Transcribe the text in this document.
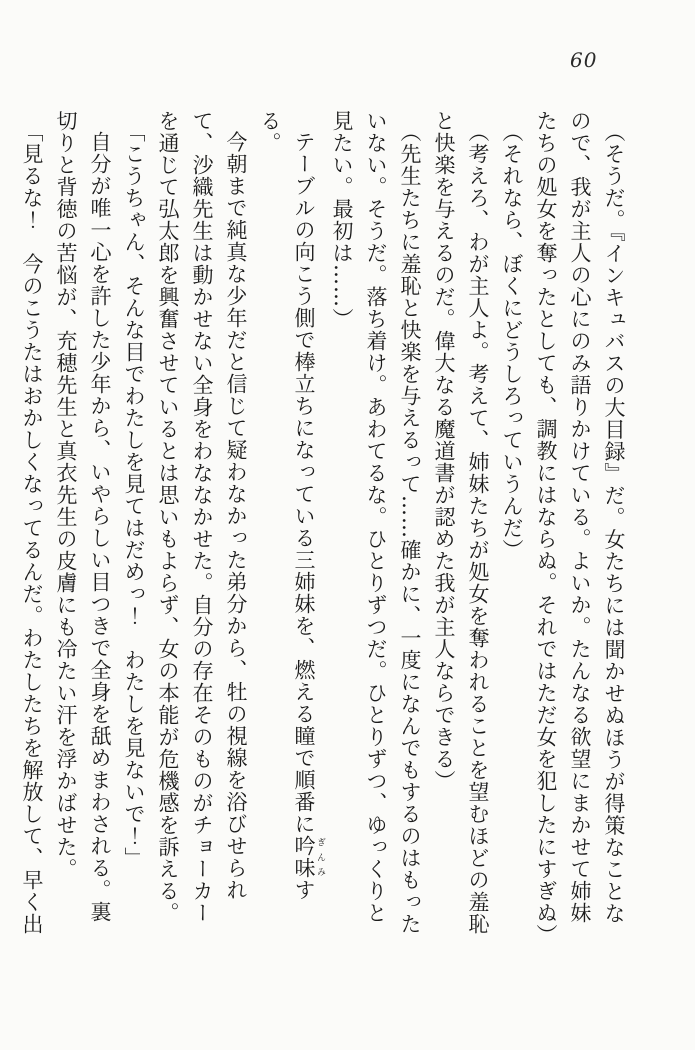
60

（そうだ。『インキュバスの大目録』だ。女たちには聞かせぬほうが得策なことなので、我が主人の心にのみ語りかけている。よいか。たんなる欲望にまかせて姉妹たちの処女を奪ったとしても、調教にはならぬ。それではただ女を犯したにすぎぬ）

（それなら、ぼくにどうしろっていうんだ）

（考えろ、わが主人よ。考えて、姉妹たちが処女を奪われることを望むほどの羞恥と快楽を与えるのだ。偉大なる魔道書が認めた我が主人ならできる）

（先生たちに羞恥と快楽を与えるって……確かに、一度になんでもするのはもったいない。そうだ。落ち着け。あわてるな。ひとりずつだ。ひとりずつ、ゆっくりと見たい。最初は……）

テーブルの向こう側で棒立ちになっている三姉妹を、燃える瞳で順番に吟味 ぎんみする。

今朝まで純真な少年だと信じて疑わなかった弟分から、牡の視線を浴びせられて、沙織先生は動かせない全身をわななかせた。自分の存在そのものがチョーカーを通じて弘太郎を興奮させているとは思いもよらず、女の本能が危機感を訴える。

「こうちゃん、そんな目でわたしを見てはだめっ！　わたしを見ないで！」

自分が唯一心を許した少年から、いやらしい目つきで全身を舐めまわされる。裏切りと背徳の苦悩が、充穂先生と真衣先生の皮膚にも冷たい汗を浮かばせた。

「見るな！　今のこうたはおかしくなってるんだ。わたしたちを解放して、早く出
